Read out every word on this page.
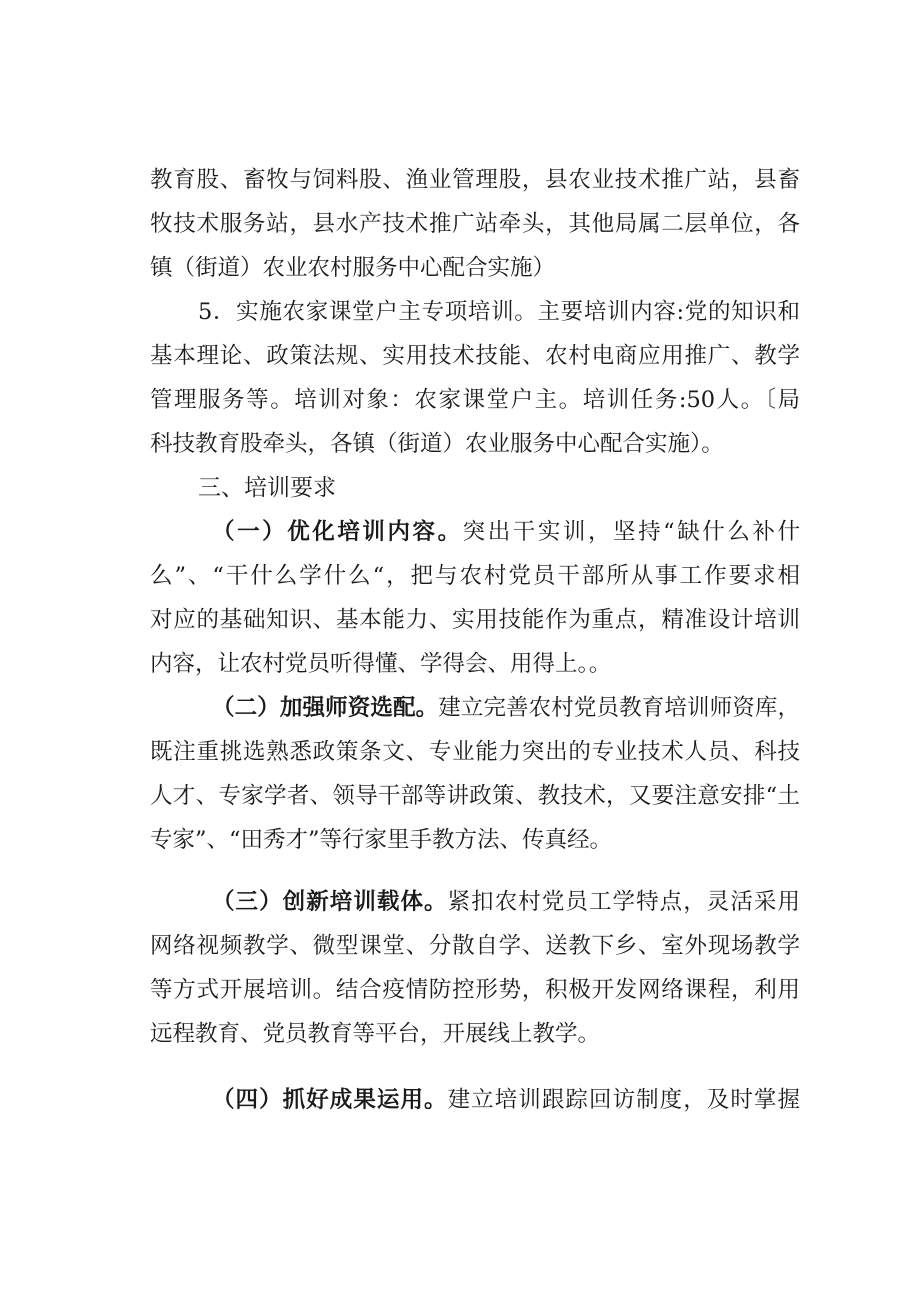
教育股、畜牧与饲料股、渔业管理股，县农业技术推广站，县畜
牧技术服务站，县水产技术推广站牵头，其他局属二层单位，各
镇（街道）农业农村服务中心配合实施）
5．实施农家课堂户主专项培训。主要培训内容:党的知识和
基本理论、政策法规、实用技术技能、农村电商应用推广、教学
管理服务等。培训对象：农家课堂户主。培训任务:50人。〔局
科技教育股牵头，各镇（街道）农业服务中心配合实施）。
三、培训要求
（一）优化培训内容。突出干实训，坚持“缺什么补什
么”、“干什么学什么“，把与农村党员干部所从事工作要求相
对应的基础知识、基本能力、实用技能作为重点，精准设计培训
内容，让农村党员听得懂、学得会、用得上。。
（二）加强师资选配。建立完善农村党员教育培训师资库，
既注重挑选熟悉政策条文、专业能力突出的专业技术人员、科技
人才、专家学者、领导干部等讲政策、教技术，又要注意安排“土
专家”、“田秀才”等行家里手教方法、传真经。
（三）创新培训载体。紧扣农村党员工学特点，灵活采用
网络视频教学、微型课堂、分散自学、送教下乡、室外现场教学
等方式开展培训。结合疫情防控形势，积极开发网络课程，利用
远程教育、党员教育等平台，开展线上教学。
（四）抓好成果运用。建立培训跟踪回访制度，及时掌握
